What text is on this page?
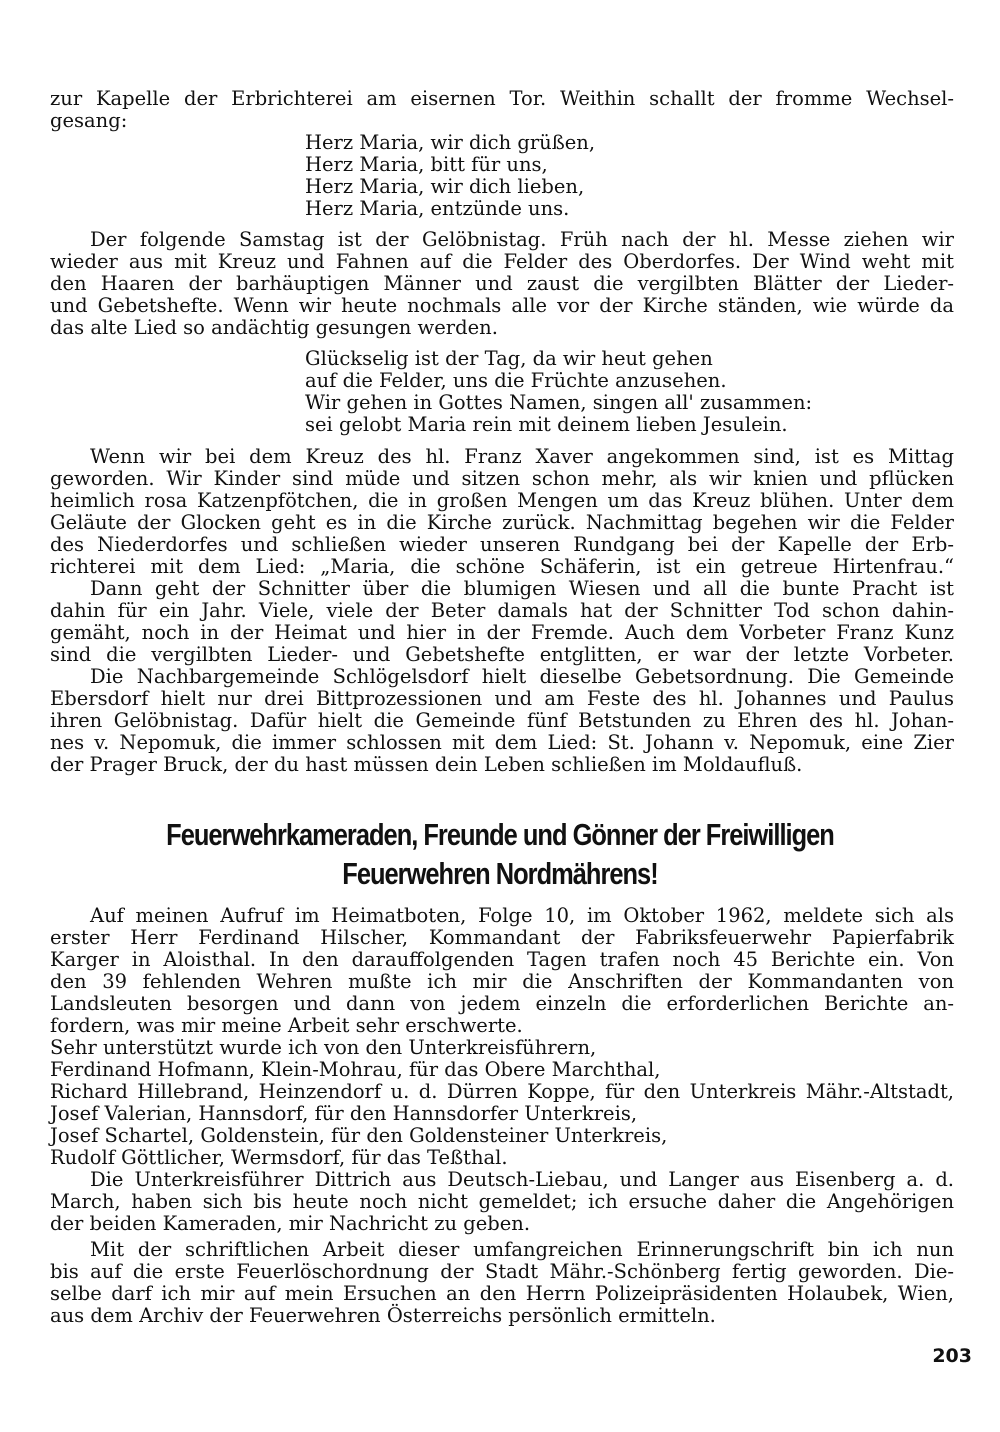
zur Kapelle der Erbrichterei am eisernen Tor. Weithin schallt der fromme Wechsel-
gesang:
Herz Maria, wir dich grüßen,
Herz Maria, bitt für uns,
Herz Maria, wir dich lieben,
Herz Maria, entzünde uns.
Der folgende Samstag ist der Gelöbnistag. Früh nach der hl. Messe ziehen wir
wieder aus mit Kreuz und Fahnen auf die Felder des Oberdorfes. Der Wind weht mit
den Haaren der barhäuptigen Männer und zaust die vergilbten Blätter der Lieder-
und Gebetshefte. Wenn wir heute nochmals alle vor der Kirche ständen, wie würde da
das alte Lied so andächtig gesungen werden.
Glückselig ist der Tag, da wir heut gehen
auf die Felder, uns die Früchte anzusehen.
Wir gehen in Gottes Namen, singen all' zusammen:
sei gelobt Maria rein mit deinem lieben Jesulein.
Wenn wir bei dem Kreuz des hl. Franz Xaver angekommen sind, ist es Mittag
geworden. Wir Kinder sind müde und sitzen schon mehr, als wir knien und pflücken
heimlich rosa Katzenpfötchen, die in großen Mengen um das Kreuz blühen. Unter dem
Geläute der Glocken geht es in die Kirche zurück. Nachmittag begehen wir die Felder
des Niederdorfes und schließen wieder unseren Rundgang bei der Kapelle der Erb-
richterei mit dem Lied: „Maria, die schöne Schäferin, ist ein getreue Hirtenfrau.“
Dann geht der Schnitter über die blumigen Wiesen und all die bunte Pracht ist
dahin für ein Jahr. Viele, viele der Beter damals hat der Schnitter Tod schon dahin-
gemäht, noch in der Heimat und hier in der Fremde. Auch dem Vorbeter Franz Kunz
sind die vergilbten Lieder- und Gebetshefte entglitten, er war der letzte Vorbeter.
Die Nachbargemeinde Schlögelsdorf hielt dieselbe Gebetsordnung. Die Gemeinde
Ebersdorf hielt nur drei Bittprozessionen und am Feste des hl. Johannes und Paulus
ihren Gelöbnistag. Dafür hielt die Gemeinde fünf Betstunden zu Ehren des hl. Johan-
nes v. Nepomuk, die immer schlossen mit dem Lied: St. Johann v. Nepomuk, eine Zier
der Prager Bruck, der du hast müssen dein Leben schließen im Moldaufluß.
Feuerwehrkameraden, Freunde und Gönner der Freiwilligen
Feuerwehren Nordmährens!
Auf meinen Aufruf im Heimatboten, Folge 10, im Oktober 1962, meldete sich als
erster Herr Ferdinand Hilscher, Kommandant der Fabriksfeuerwehr Papierfabrik
Karger in Aloisthal. In den darauffolgenden Tagen trafen noch 45 Berichte ein. Von
den 39 fehlenden Wehren mußte ich mir die Anschriften der Kommandanten von
Landsleuten besorgen und dann von jedem einzeln die erforderlichen Berichte an-
fordern, was mir meine Arbeit sehr erschwerte.
Sehr unterstützt wurde ich von den Unterkreisführern,
Ferdinand Hofmann, Klein-Mohrau, für das Obere Marchthal,
Richard Hillebrand, Heinzendorf u. d. Dürren Koppe, für den Unterkreis Mähr.-Altstadt,
Josef Valerian, Hannsdorf, für den Hannsdorfer Unterkreis,
Josef Schartel, Goldenstein, für den Goldensteiner Unterkreis,
Rudolf Göttlicher, Wermsdorf, für das Teßthal.
Die Unterkreisführer Dittrich aus Deutsch-Liebau, und Langer aus Eisenberg a. d.
March, haben sich bis heute noch nicht gemeldet; ich ersuche daher die Angehörigen
der beiden Kameraden, mir Nachricht zu geben.
Mit der schriftlichen Arbeit dieser umfangreichen Erinnerungschrift bin ich nun
bis auf die erste Feuerlöschordnung der Stadt Mähr.-Schönberg fertig geworden. Die-
selbe darf ich mir auf mein Ersuchen an den Herrn Polizeipräsidenten Holaubek, Wien,
aus dem Archiv der Feuerwehren Österreichs persönlich ermitteln.
203
